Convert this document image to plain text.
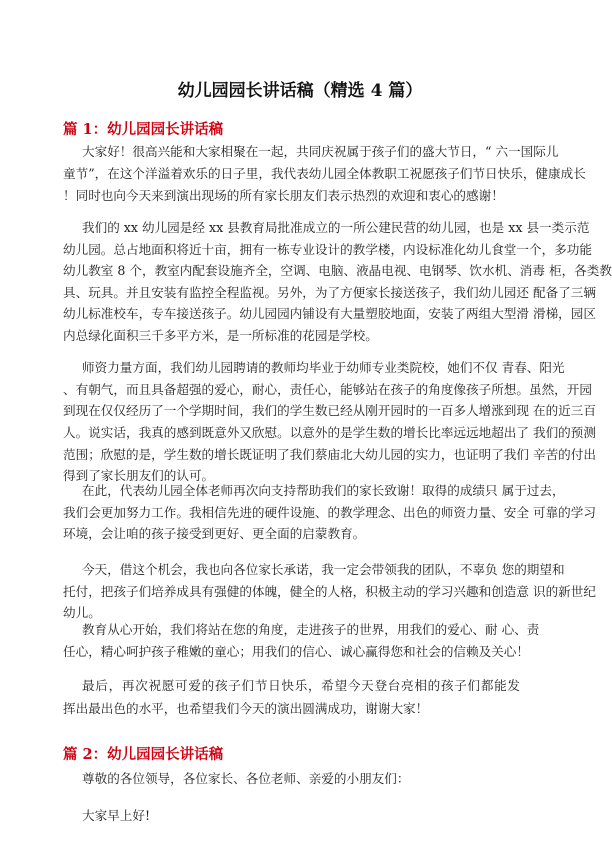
幼儿园园长讲话稿（精选 4 篇）
篇 1：幼儿园园长讲话稿
大家好！很高兴能和大家相聚在一起，共同庆祝属于孩子们的盛大节日，“ 六一国际儿
童节”，在这个洋溢着欢乐的日子里，我代表幼儿园全体教职工祝愿孩子们节日快乐，健康成长
！同时也向今天来到演出现场的所有家长朋友们表示热烈的欢迎和衷心的感谢！
我们的 xx 幼儿园是经 xx 县教育局批准成立的一所公建民营的幼儿园，也是 xx 县一类示范
幼儿园。总占地面积将近十亩，拥有一栋专业设计的教学楼，内设标准化幼儿食堂一个，多功能
幼儿教室 8 个，教室内配套设施齐全，空调、电脑、液晶电视、电钢琴、饮水机、消毒 柜，各类教
具、玩具。并且安装有监控全程监视。另外，为了方便家长接送孩子，我们幼儿园还 配备了三辆
幼儿标准校车，专车接送孩子。幼儿园园内铺设有大量塑胶地面，安装了两组大型滑 滑梯，园区
内总绿化面积三千多平方米，是一所标准的花园是学校。
师资力量方面，我们幼儿园聘请的教师均毕业于幼师专业类院校，她们不仅 青春、阳光
、有朝气，而且具备超强的爱心，耐心，责任心，能够站在孩子的角度像孩子所想。虽然，开园
到现在仅仅经历了一个学期时间，我们的学生数已经从刚开园时的一百多人增涨到现 在的近三百
人。说实话，我真的感到既意外又欣慰。以意外的是学生数的增长比率远远地超出了 我们的预测
范围；欣慰的是，学生数的增长既证明了我们蔡庙北大幼儿园的实力，也证明了我们 辛苦的付出
得到了家长朋友们的认可。
在此，代表幼儿园全体老师再次向支持帮助我们的家长致谢！取得的成绩只 属于过去，
我们会更加努力工作。我相信先进的硬件设施、的教学理念、出色的师资力量、安全 可靠的学习
环境，会让咱的孩子接受到更好、更全面的启蒙教育。
今天，借这个机会，我也向各位家长承诺，我一定会带领我的团队，不辜负 您的期望和
托付，把孩子们培养成具有强健的体魄，健全的人格，积极主动的学习兴趣和创造意 识的新世纪
幼儿。
教育从心开始，我们将站在您的角度，走进孩子的世界，用我们的爱心、耐 心、责
任心，精心呵护孩子稚嫩的童心；用我们的信心、诚心赢得您和社会的信赖及关心！
最后，再次祝愿可爱的孩子们节日快乐，希望今天登台亮相的孩子们都能发
挥出最出色的水平，也希望我们今天的演出圆满成功，谢谢大家！
篇 2：幼儿园园长讲话稿
尊敬的各位领导，各位家长、各位老师、亲爱的小朋友们：
大家早上好!
